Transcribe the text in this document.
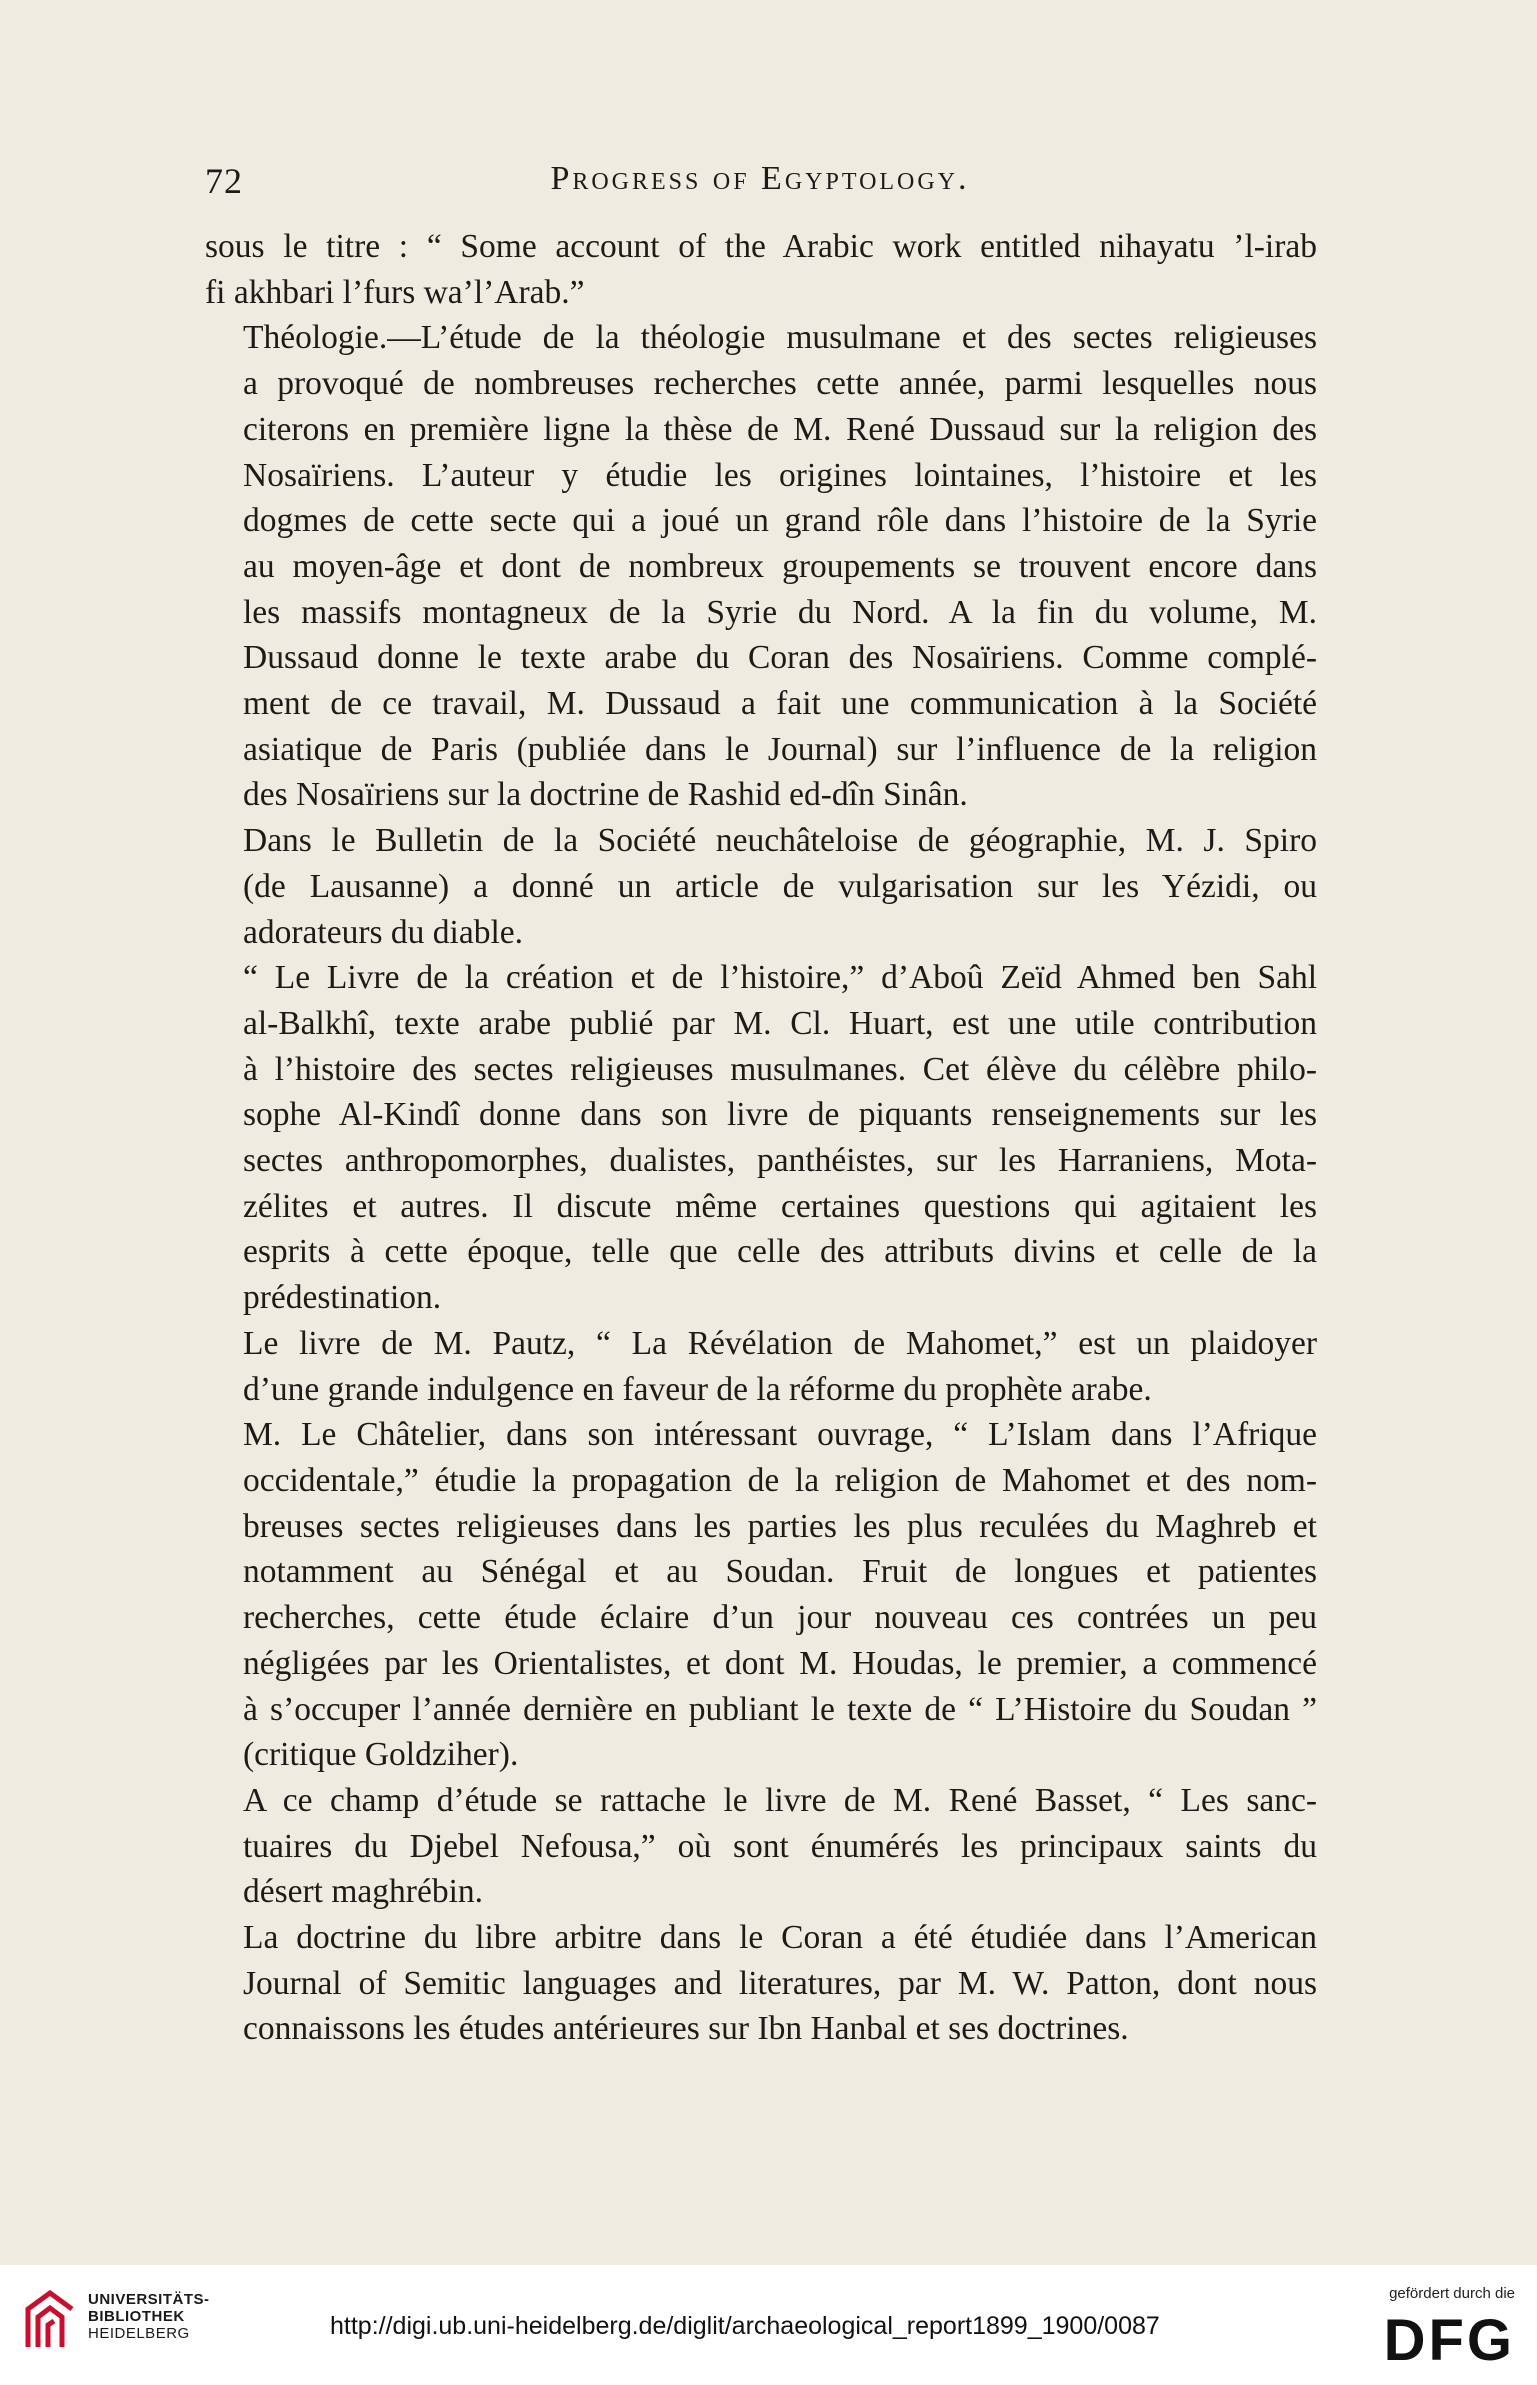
72	Progress of Egyptology.

sous le titre : “ Some account of the Arabic work entitled nihayatu ’l-irab
fi akhbari l’furs wa’l’Arab.”

Théologie.—L’étude de la théologie musulmane et des sectes religieuses
a provoqué de nombreuses recherches cette année, parmi lesquelles nous
citerons en première ligne la thèse de M. René Dussaud sur la religion des
Nosaïriens. L’auteur y étudie les origines lointaines, l’histoire et les
dogmes de cette secte qui a joué un grand rôle dans l’histoire de la Syrie
au moyen-âge et dont de nombreux groupements se trouvent encore dans
les massifs montagneux de la Syrie du Nord. A la fin du volume, M.
Dussaud donne le texte arabe du Coran des Nosaïriens. Comme complé-
ment de ce travail, M. Dussaud a fait une communication à la Société
asiatique de Paris (publiée dans le Journal) sur l’influence de la religion
des Nosaïriens sur la doctrine de Rashid ed-dîn Sinân.

Dans le Bulletin de la Société neuchâteloise de géographie, M. J. Spiro
(de Lausanne) a donné un article de vulgarisation sur les Yézidi, ou
adorateurs du diable.

“ Le Livre de la création et de l’histoire,” d’Aboû Zeïd Ahmed ben Sahl
al-Balkhî, texte arabe publié par M. Cl. Huart, est une utile contribution
à l’histoire des sectes religieuses musulmanes. Cet élève du célèbre philo-
sophe Al-Kindî donne dans son livre de piquants renseignements sur les
sectes anthropomorphes, dualistes, panthéistes, sur les Harraniens, Mota-
zélites et autres. Il discute même certaines questions qui agitaient les
esprits à cette époque, telle que celle des attributs divins et celle de la
prédestination.

Le livre de M. Pautz, “ La Révélation de Mahomet,” est un plaidoyer
d’une grande indulgence en faveur de la réforme du prophète arabe.

M. Le Châtelier, dans son intéressant ouvrage, “ L’Islam dans l’Afrique
occidentale,” étudie la propagation de la religion de Mahomet et des nom-
breuses sectes religieuses dans les parties les plus reculées du Maghreb et
notamment au Sénégal et au Soudan. Fruit de longues et patientes
recherches, cette étude éclaire d’un jour nouveau ces contrées un peu
négligées par les Orientalistes, et dont M. Houdas, le premier, a commencé
à s’occuper l’année dernière en publiant le texte de “ L’Histoire du Soudan ”
(critique Goldziher).

A ce champ d’étude se rattache le livre de M. René Basset, “ Les sanc-
tuaires du Djebel Nefousa,” où sont énumérés les principaux saints du
désert maghrébin.

La doctrine du libre arbitre dans le Coran a été étudiée dans l’American
Journal of Semitic languages and literatures, par M. W. Patton, dont nous
connaissons les études antérieures sur Ibn Hanbal et ses doctrines.

UNIVERSITÄTS-
BIBLIOTHEK
HEIDELBERG	http://digi.ub.uni-heidelberg.de/diglit/archaeological_report1899_1900/0087
gefördert durch die
DFG
